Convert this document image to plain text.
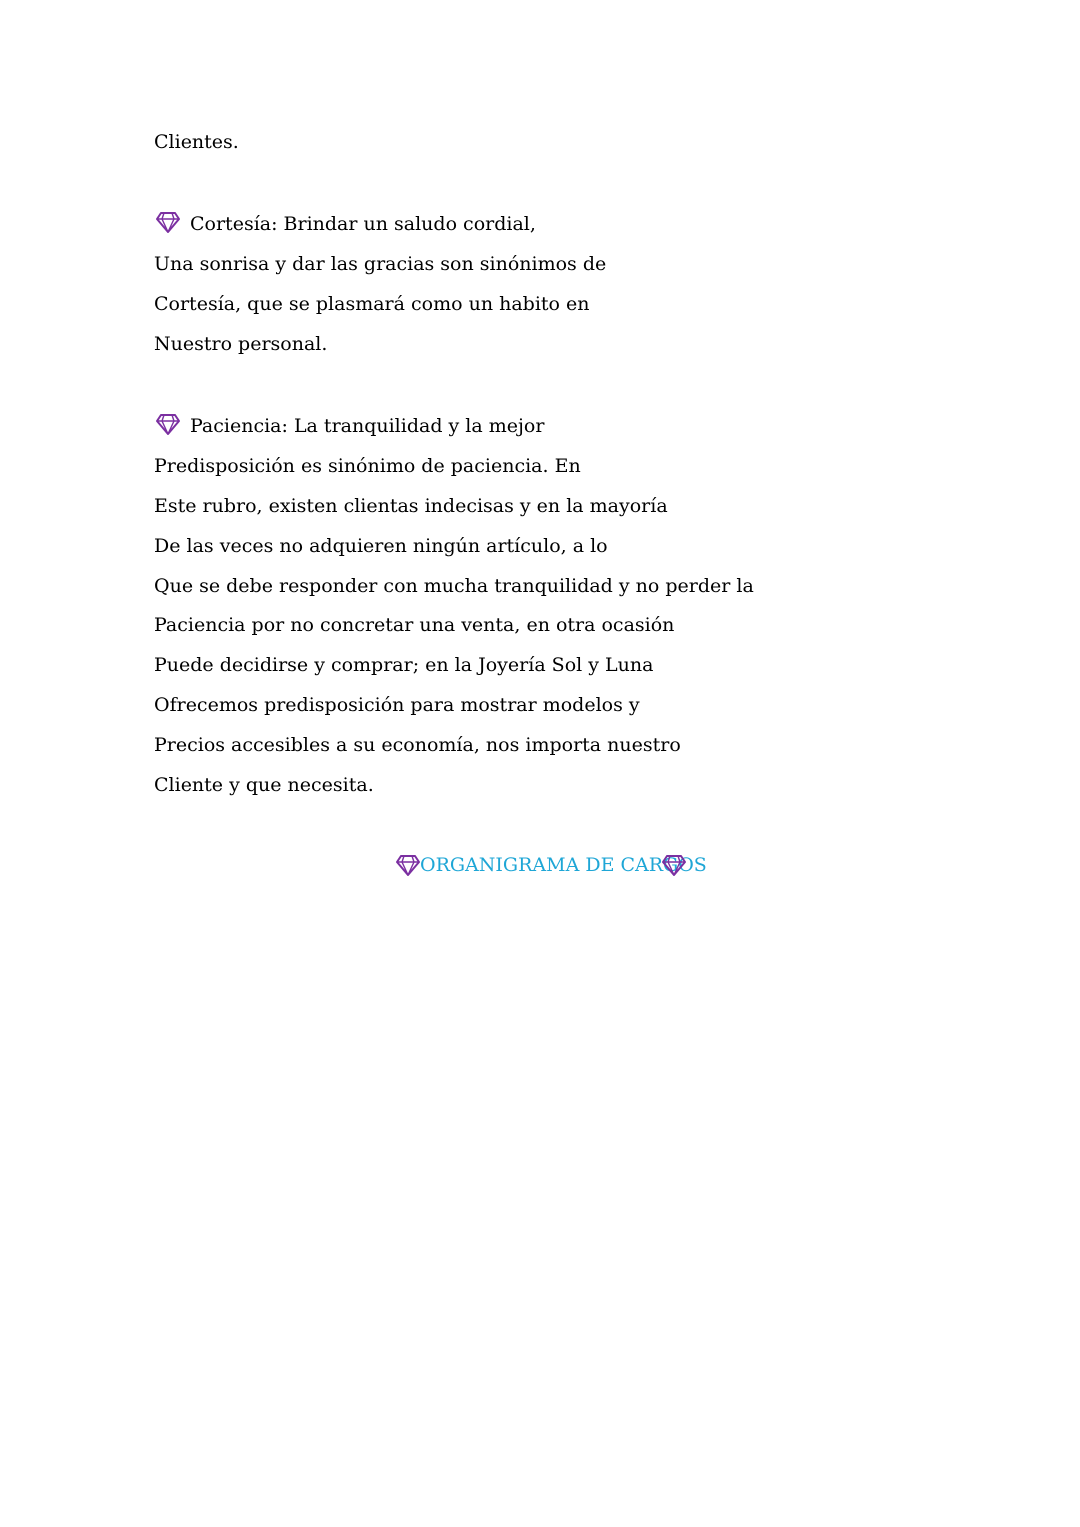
Clientes.
Cortesía: Brindar un saludo cordial,
Una sonrisa y dar las gracias son sinónimos de
Cortesía, que se plasmará como un habito en
Nuestro personal.
Paciencia: La tranquilidad y la mejor
Predisposición es sinónimo de paciencia. En
Este rubro, existen clientas indecisas y en la mayoría
De las veces no adquieren ningún artículo, a lo
Que se debe responder con mucha tranquilidad y no perder la
Paciencia por no concretar una venta, en otra ocasión
Puede decidirse y comprar; en la Joyería Sol y Luna
Ofrecemos predisposición para mostrar modelos y
Precios accesibles a su economía, nos importa nuestro
Cliente y que necesita.
ORGANIGRAMA DE CARGOS
